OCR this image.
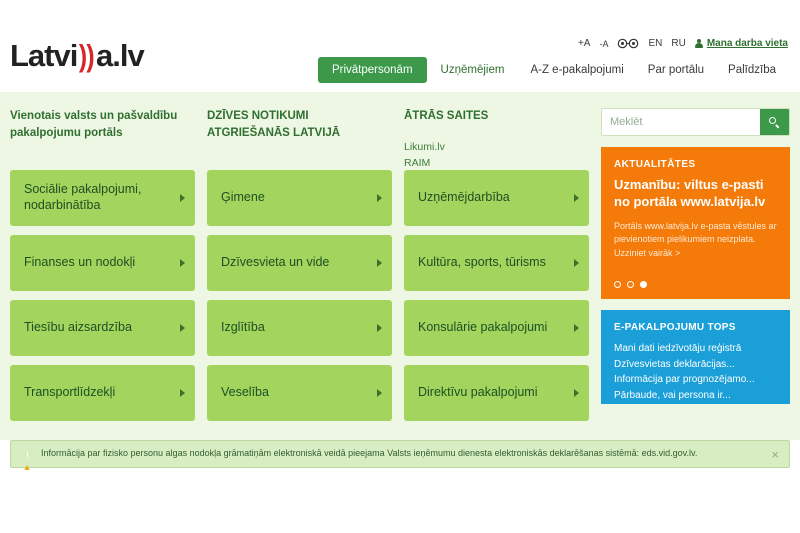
Latvi))a.lv	+A -A	EN RU Mana darba vieta
Privātpersonām	Uzņēmējiem	A-Z e-pakalpojumi	Par portālu	Palīdzība
Vienotais valsts un pašvaldību pakalpojumu portāls
DZĪVES NOTIKUMI ATGRIEŠANĀS LATVIJĀ
ĀTRĀS SAITES
Likumi.lv
RAIM
Sociālie pakalpojumi, nodarbinātība
Finanses un nodokļi
Tiesību aizsardzība
Transportlīdzekļi
Ģimene
Dzīvesvieta un vide
Izglītība
Veselība
Uzņēmējdarbība
Kultūra, sports, tūrisms
Konsulārie pakalpojumi
Direktīvu pakalpojumi
Meklēt
AKTUALITĀTES
Uzmanību: viltus e-pasti no portāla www.latvija.lv
Portāls www.latvija.lv e-pasta vēstules ar pievienotiem pielikumiem neizplata. Uzziniet vairāk >
E-PAKALPOJUMU TOPS
Mani dati iedzīvotāju reģistrā
Dzīvesvietas deklarācijas...
Informācija par prognozējamo...
Pārbaude, vai persona ir...
Informācija par fizisko personu algas nodokļa grāmatiņām elektroniskā veidā pieejama Valsts ieņēmumu dienesta elektroniskās deklarēšanas sistēmā: eds.vid.gov.lv.	×
